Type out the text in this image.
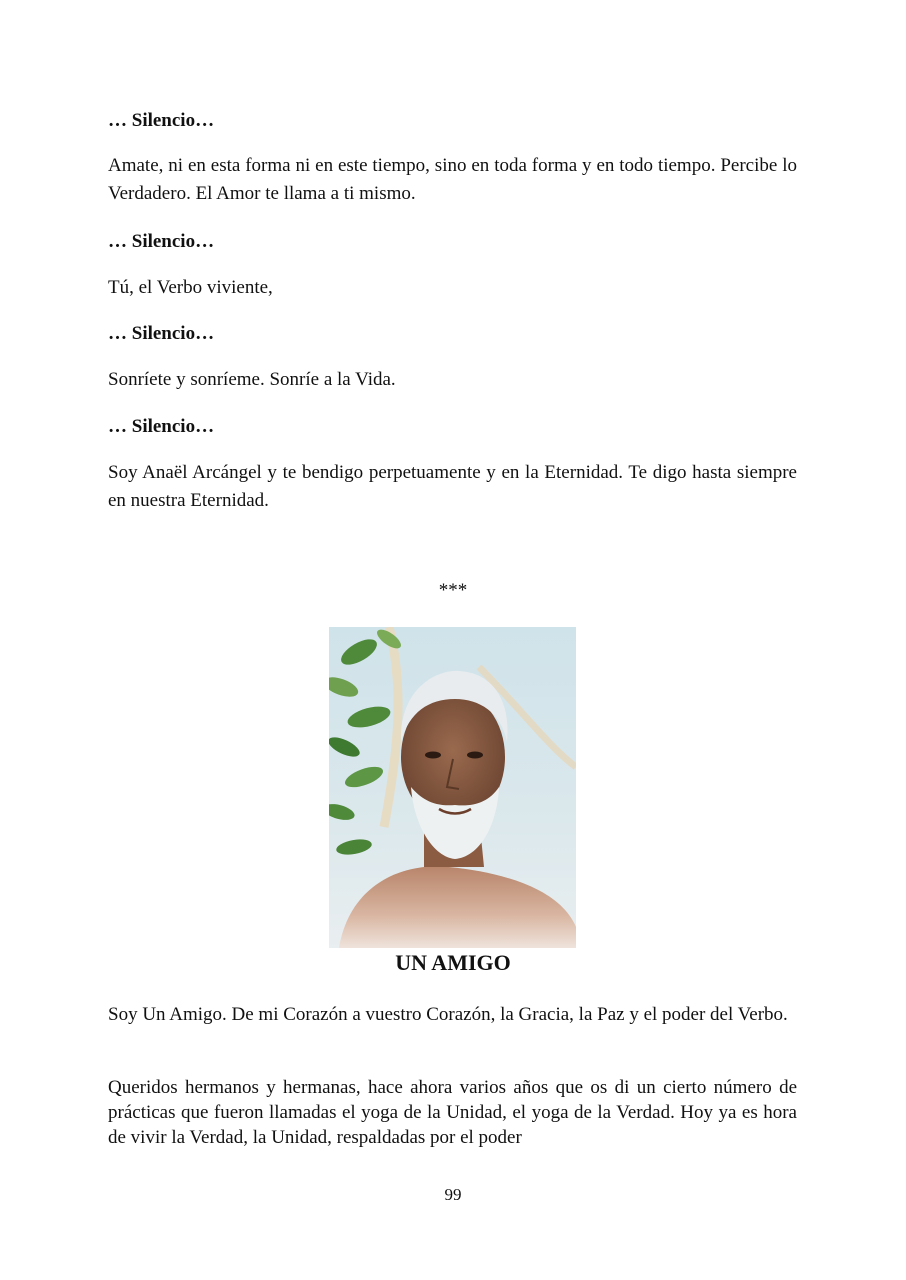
… Silencio…

Amate, ni en esta forma ni en este tiempo, sino en toda forma y en todo tiempo. Percibe lo Verdadero. El Amor te llama a ti mismo.

… Silencio…

Tú, el Verbo viviente,

… Silencio…

Sonríete y sonríeme. Sonríe a la Vida.

… Silencio…

Soy Anaël Arcángel y te bendigo perpetuamente y en la Eternidad. Te digo hasta siempre en nuestra Eternidad.

***

UN AMIGO

Soy Un Amigo. De mi Corazón a vuestro Corazón, la Gracia, la Paz y el poder del Verbo.

Queridos hermanos y hermanas, hace ahora varios años que os di un cierto número de prácticas que fueron llamadas el yoga de la Unidad, el yoga de la Verdad. Hoy ya es hora de vivir la Verdad, la Unidad, respaldadas por el poder

99
